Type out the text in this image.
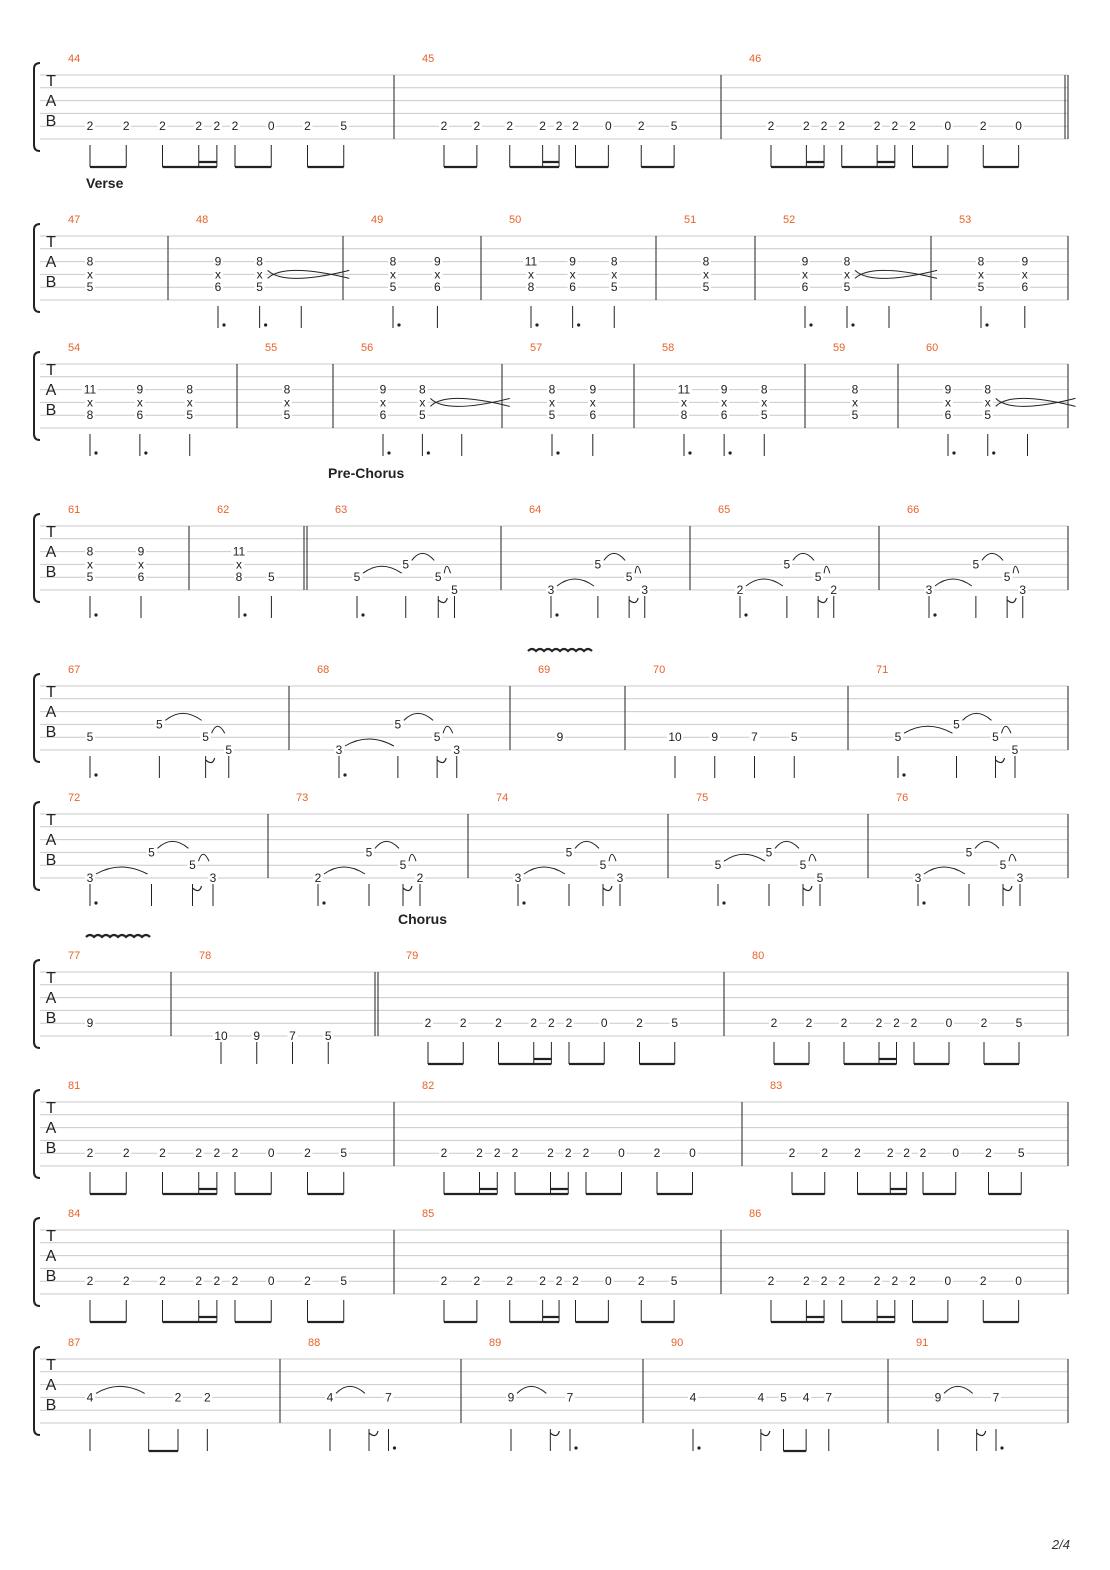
T
A
B
44
2 2 2 2 2 2 0 2 5
45
2 2 2 2 2 2 0 2 5
46
2 2 2 2 2 2 2 0 2 0
Verse
T
A
B
47
8
x
5
48
9
x
6
8
x
5
49
8
x
5
9
x
6
50
11
x
8
9
x
6
8
x
5
51
8
x
5
52
9
x
6
8
x
5
53
8
x
5
9
x
6
T
A
B
54
11
x
8
9
x
6
8
x
5
55
8
x
5
56
9
x
6
8
x
5
57
8
x
5
9
x
6
58
11
x
8
9
x
6
8
x
5
59
8
x
5
60
9
x
6
8
x
5
Pre-Chorus
T
A
B
61
8
x
5
9
x
6
62
11
x
8 5
63
5
5
5
5
64
3
5
5
3
65
2
5
5
2
66
3
5
5
3
T
A
B
67
5
5
5
5
68
3
5
5
3
69
9
70
10 9	7	5
71
5
5
5
5
T
A
B
72
3
5
5
3
73
2
5
5
2
74
3
5
5
3
75
5
5
5
5
76
3
5
5
3
Chorus
T
A
B
77
9
78
10 9 7 5
79
2 2 2 2 2 2 0 2 5
80
2 2 2 2 2 2 0 2 5
T
A
B
81
2 2 2 2 2 2 0 2 5
82
2 2 2 2 2 2 2 0 2 0
83
2 2 2 2 2 2 0 2 5
T
A
B
84
2 2 2 2 2 2 0 2 5
85
2 2 2 2 2 2 0 2 5
86
2 2 2 2 2 2 2 0 2 0
T
A
B
87
4	2 2
88
4	7
89
9	7
90
4	4 5 4 7
91
9	7
2/4
